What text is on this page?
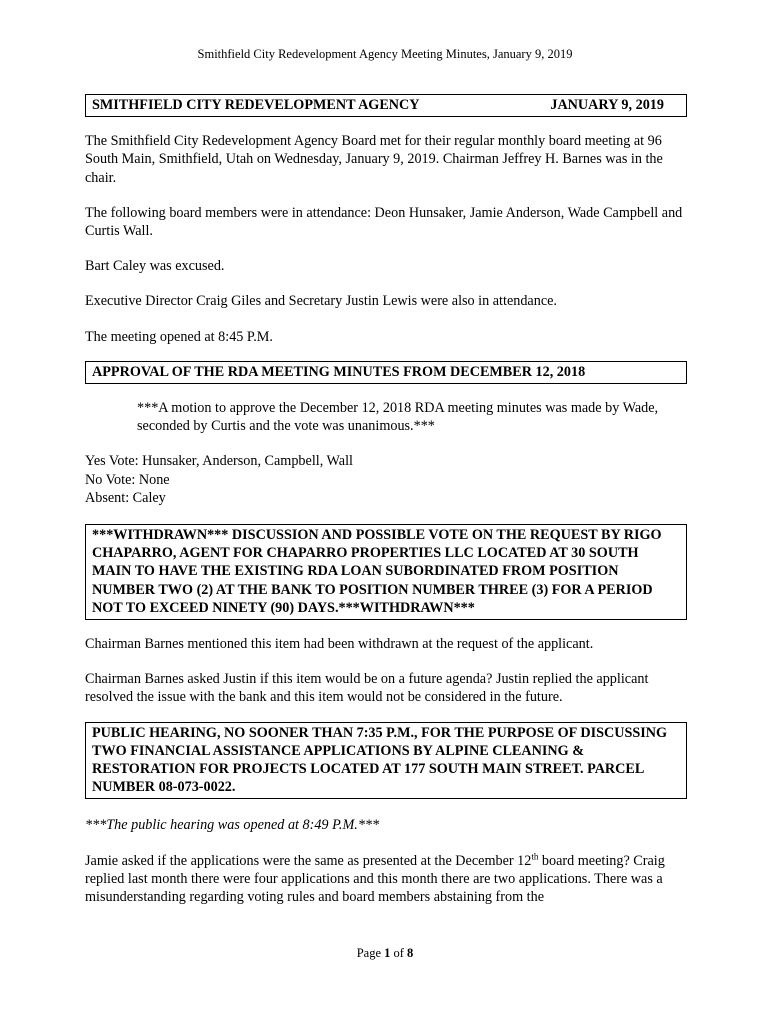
Smithfield City Redevelopment Agency Meeting Minutes, January 9, 2019
SMITHFIELD CITY REDEVELOPMENT AGENCY	JANUARY 9, 2019

The Smithfield City Redevelopment Agency Board met for their regular monthly board meeting at 96 South Main, Smithfield, Utah on Wednesday, January 9, 2019. Chairman Jeffrey H. Barnes was in the chair.

The following board members were in attendance: Deon Hunsaker, Jamie Anderson, Wade Campbell and Curtis Wall.

Bart Caley was excused.

Executive Director Craig Giles and Secretary Justin Lewis were also in attendance.

The meeting opened at 8:45 P.M.

APPROVAL OF THE RDA MEETING MINUTES FROM DECEMBER 12, 2018

***A motion to approve the December 12, 2018 RDA meeting minutes was made by Wade, seconded by Curtis and the vote was unanimous.***

Yes Vote: Hunsaker, Anderson, Campbell, Wall

No Vote: None

Absent: Caley

***WITHDRAWN*** DISCUSSION AND POSSIBLE VOTE ON THE REQUEST BY RIGO CHAPARRO, AGENT FOR CHAPARRO PROPERTIES LLC LOCATED AT 30 SOUTH MAIN TO HAVE THE EXISTING RDA LOAN SUBORDINATED FROM POSITION NUMBER TWO (2) AT THE BANK TO POSITION NUMBER THREE (3) FOR A PERIOD NOT TO EXCEED NINETY (90) DAYS.***WITHDRAWN***

Chairman Barnes mentioned this item had been withdrawn at the request of the applicant.

Chairman Barnes asked Justin if this item would be on a future agenda? Justin replied the applicant resolved the issue with the bank and this item would not be considered in the future.

PUBLIC HEARING, NO SOONER THAN 7:35 P.M., FOR THE PURPOSE OF DISCUSSING TWO FINANCIAL ASSISTANCE APPLICATIONS BY ALPINE CLEANING & RESTORATION FOR PROJECTS LOCATED AT 177 SOUTH MAIN STREET. PARCEL NUMBER 08-073-0022.

***The public hearing was opened at 8:49 P.M.***

Jamie asked if the applications were the same as presented at the December 12th board meeting? Craig replied last month there were four applications and this month there are two applications. There was a misunderstanding regarding voting rules and board members abstaining from the

Page 1 of 8
